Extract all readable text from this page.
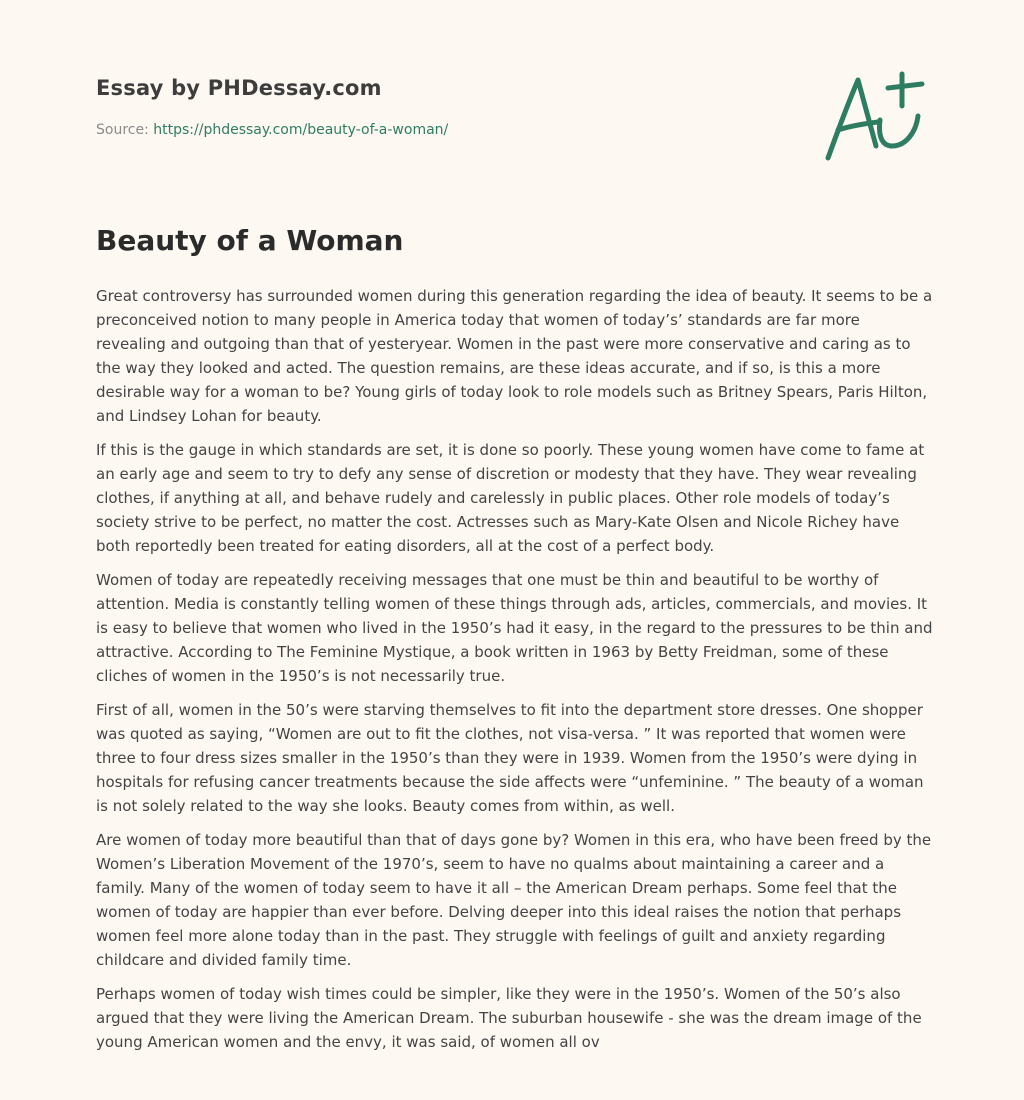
Essay by PHDessay.com
Source: https://phdessay.com/beauty-of-a-woman/
Beauty of a Woman

Great controversy has surrounded women during this generation regarding the idea of beauty. It seems to be a preconceived notion to many people in America today that women of today’s’ standards are far more revealing and outgoing than that of yesteryear. Women in the past were more conservative and caring as to the way they looked and acted. The question remains, are these ideas accurate, and if so, is this a more desirable way for a woman to be? Young girls of today look to role models such as Britney Spears, Paris Hilton, and Lindsey Lohan for beauty.

If this is the gauge in which standards are set, it is done so poorly. These young women have come to fame at an early age and seem to try to defy any sense of discretion or modesty that they have. They wear revealing clothes, if anything at all, and behave rudely and carelessly in public places. Other role models of today’s society strive to be perfect, no matter the cost. Actresses such as Mary-Kate Olsen and Nicole Richey have both reportedly been treated for eating disorders, all at the cost of a perfect body.

Women of today are repeatedly receiving messages that one must be thin and beautiful to be worthy of attention. Media is constantly telling women of these things through ads, articles, commercials, and movies. It is easy to believe that women who lived in the 1950’s had it easy, in the regard to the pressures to be thin and attractive. According to The Feminine Mystique, a book written in 1963 by Betty Freidman, some of these cliches of women in the 1950’s is not necessarily true.

First of all, women in the 50’s were starving themselves to fit into the department store dresses. One shopper was quoted as saying, “Women are out to fit the clothes, not visa-versa. ” It was reported that women were three to four dress sizes smaller in the 1950’s than they were in 1939. Women from the 1950’s were dying in hospitals for refusing cancer treatments because the side affects were “unfeminine. ” The beauty of a woman is not solely related to the way she looks. Beauty comes from within, as well.

Are women of today more beautiful than that of days gone by? Women in this era, who have been freed by the Women’s Liberation Movement of the 1970’s, seem to have no qualms about maintaining a career and a family. Many of the women of today seem to have it all – the American Dream perhaps. Some feel that the women of today are happier than ever before. Delving deeper into this ideal raises the notion that perhaps women feel more alone today than in the past. They struggle with feelings of guilt and anxiety regarding childcare and divided family time.

Perhaps women of today wish times could be simpler, like they were in the 1950’s. Women of the 50’s also argued that they were living the American Dream. The suburban housewife - she was the dream image of the young American women and the envy, it was said, of women all ov
